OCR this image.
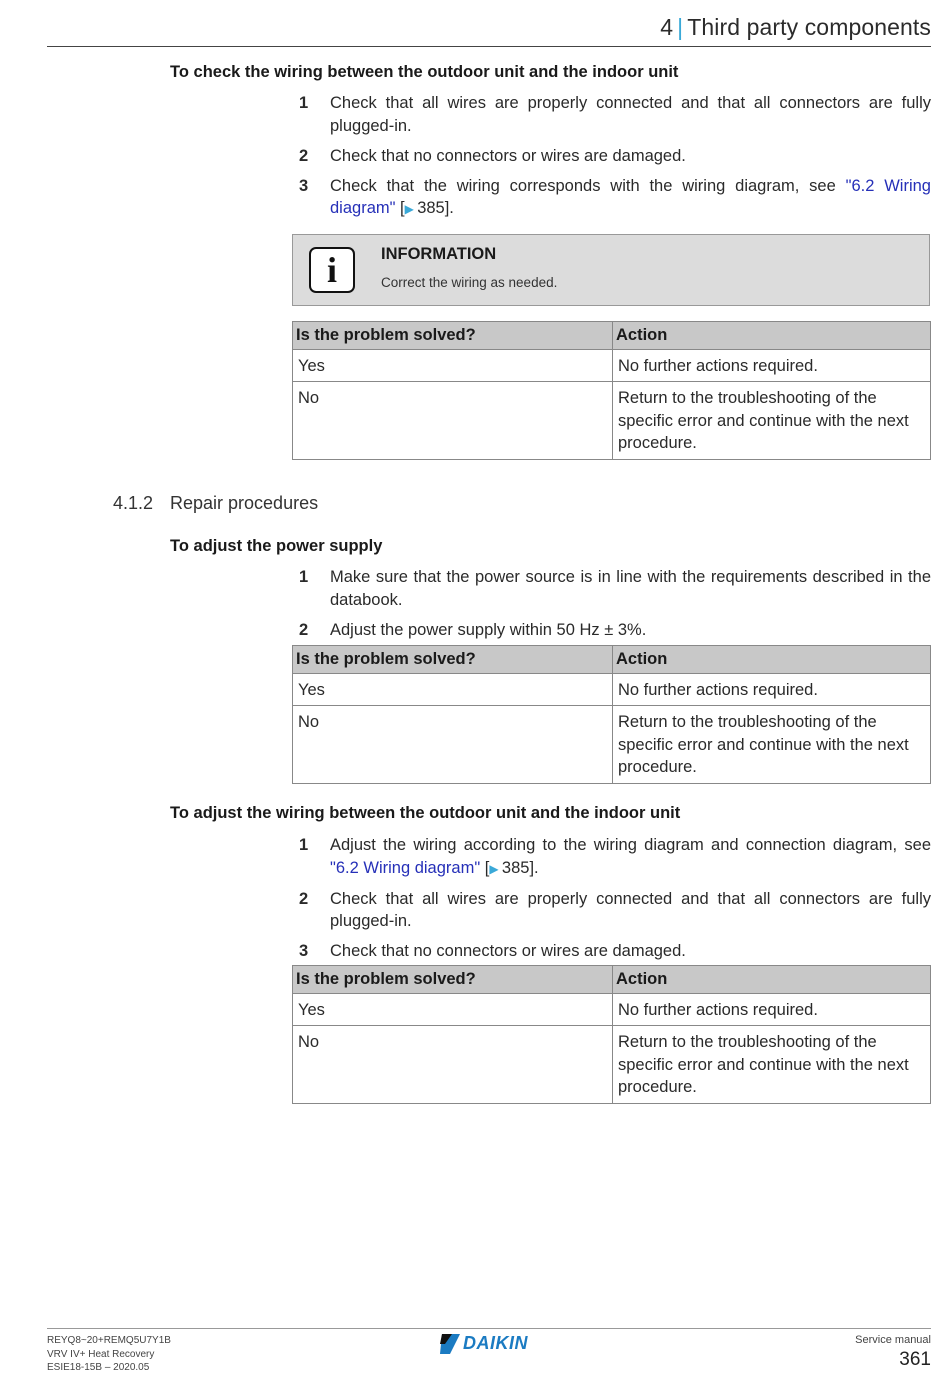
4 | Third party components
To check the wiring between the outdoor unit and the indoor unit
1	Check that all wires are properly connected and that all connectors are fully plugged-in.
2	Check that no connectors or wires are damaged.
3	Check that the wiring corresponds with the wiring diagram, see "6.2 Wiring diagram" [▶  385].
i	INFORMATION
Correct the wiring as needed.
Is the problem solved?	Action
Yes	No further actions required.
No	Return to the troubleshooting of the specific error and continue with the next procedure.
4.1.2 Repair procedures
To adjust the power supply
1	Make sure that the power source is in line with the requirements described in the databook.
2	Adjust the power supply within 50 Hz ± 3%.
Is the problem solved?	Action
Yes	No further actions required.
No	Return to the troubleshooting of the specific error and continue with the next procedure.
To adjust the wiring between the outdoor unit and the indoor unit
1	Adjust the wiring according to the wiring diagram and connection diagram, see "6.2 Wiring diagram" [▶  385].
2	Check that all wires are properly connected and that all connectors are fully plugged-in.
3	Check that no connectors or wires are damaged.
Is the problem solved?	Action
Yes	No further actions required.
No	Return to the troubleshooting of the specific error and continue with the next procedure.
REYQ8~20+REMQ5U7Y1B
VRV IV+ Heat Recovery
ESIE18-15B – 2020.05
DAIKIN	Service manual
361
